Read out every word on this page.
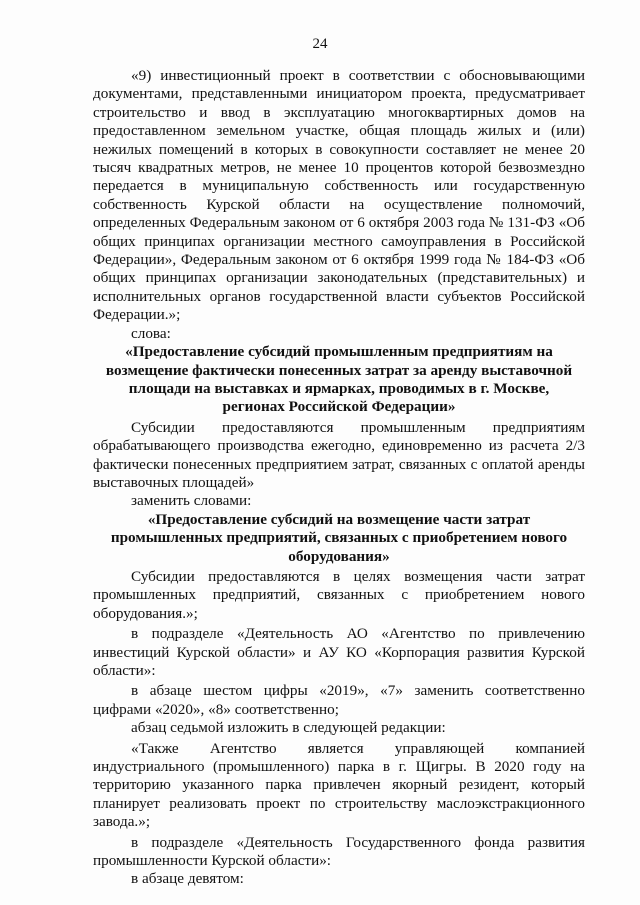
24

«9) инвестиционный проект в соответствии с обосновывающими документами, представленными инициатором проекта, предусматривает строительство и ввод в эксплуатацию многоквартирных домов на предоставленном земельном участке, общая площадь жилых и (или) нежилых помещений в которых в совокупности составляет не менее 20 тысяч квадратных метров, не менее 10 процентов которой безвозмездно передается в муниципальную собственность или государственную собственность Курской области на осуществление полномочий, определенных Федеральным законом от 6 октября 2003 года № 131-ФЗ «Об общих принципах организации местного самоуправления в Российской Федерации», Федеральным законом от 6 октября 1999 года № 184-ФЗ «Об общих принципах организации законодательных (представительных) и исполнительных органов государственной власти субъектов Российской Федерации.»;

слова:

«Предоставление субсидий промышленным предприятиям на возмещение фактически понесенных затрат за аренду выставочной площади на выставках и ярмарках, проводимых в г. Москве, регионах Российской Федерации»

Субсидии предоставляются промышленным предприятиям обрабатывающего производства ежегодно, единовременно из расчета 2/3 фактически понесенных предприятием затрат, связанных с оплатой аренды выставочных площадей»

заменить словами:

«Предоставление субсидий на возмещение части затрат промышленных предприятий, связанных с приобретением нового оборудования»

Субсидии предоставляются в целях возмещения части затрат промышленных предприятий, связанных с приобретением нового оборудования.»;

в подразделе «Деятельность АО «Агентство по привлечению инвестиций Курской области» и АУ КО «Корпорация развития Курской области»:

в абзаце шестом цифры «2019», «7» заменить соответственно цифрами «2020», «8» соответственно;

абзац седьмой изложить в следующей редакции:

«Также Агентство является управляющей компанией индустриального (промышленного) парка в г. Щигры. В 2020 году на территорию указанного парка привлечен якорный резидент, который планирует реализовать проект по строительству маслоэкстракционного завода.»;

в подразделе «Деятельность Государственного фонда развития промышленности Курской области»:

в абзаце девятом:
